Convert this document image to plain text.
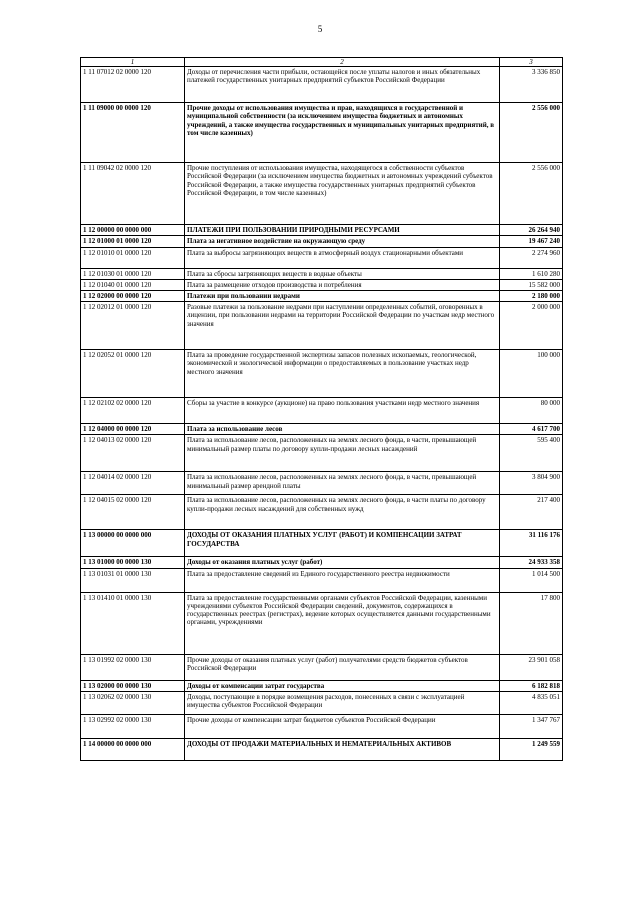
5
1	2	3
1 11 07012 02 0000 120	Доходы от перечисления части прибыли, остающейся после уплаты налогов и иных обязательных платежей государственных унитарных предприятий субъектов Российской Федерации	3 336 850
1 11 09000 00 0000 120	Прочие доходы от использования имущества и прав, находящихся в государственной и муниципальной собственности (за исключением имущества бюджетных и автономных учреждений, а также имущества государственных и муниципальных унитарных предприятий, в том числе казенных)	2 556 000
1 11 09042 02 0000 120	Прочие поступления от использования имущества, находящегося в собственности субъектов Российской Федерации (за исключением имущества бюджетных и автономных учреждений субъектов Российской Федерации, а также имущества государственных унитарных предприятий субъектов Российской Федерации, в том числе казенных)	2 556 000
1 12 00000 00 0000 000	ПЛАТЕЖИ ПРИ ПОЛЬЗОВАНИИ ПРИРОДНЫМИ РЕСУРСАМИ	26 264 940
1 12 01000 01 0000 120	Плата за негативное воздействие на окружающую среду	19 467 240
1 12 01010 01 0000 120	Плата за выбросы загрязняющих веществ в атмосферный воздух стационарными объектами	2 274 960
1 12 01030 01 0000 120	Плата за сбросы загрязняющих веществ в водные объекты	1 610 280
1 12 01040 01 0000 120	Плата за размещение отходов производства и потребления	15 582 000
1 12 02000 00 0000 120	Платежи при пользовании недрами	2 180 000
1 12 02012 01 0000 120	Разовые платежи за пользование недрами при наступлении определенных событий, оговоренных в лицензии, при пользовании недрами на территории Российской Федерации по участкам недр местного значения	2 000 000
1 12 02052 01 0000 120	Плата за проведение государственной экспертизы запасов полезных ископаемых, геологической, экономической и экологической информации о предоставляемых в пользование участках недр местного значения	100 000
1 12 02102 02 0000 120	Сборы за участие в конкурсе (аукционе) на право пользования участками недр местного значения	80 000
1 12 04000 00 0000 120	Плата за использование лесов	4 617 700
1 12 04013 02 0000 120	Плата за использование лесов, расположенных на землях лесного фонда, в части, превышающей минимальный размер платы по договору купли-продажи лесных насаждений	595 400
1 12 04014 02 0000 120	Плата за использование лесов, расположенных на землях лесного фонда, в части, превышающей минимальный размер арендной платы	3 804 900
1 12 04015 02 0000 120	Плата за использование лесов, расположенных на землях лесного фонда, в части платы по договору купли-продажи лесных насаждений для собственных нужд	217 400
1 13 00000 00 0000 000	ДОХОДЫ ОТ ОКАЗАНИЯ ПЛАТНЫХ УСЛУГ (РАБОТ) И КОМПЕНСАЦИИ ЗАТРАТ ГОСУДАРСТВА	31 116 176
1 13 01000 00 0000 130	Доходы от оказания платных услуг (работ)	24 933 358
1 13 01031 01 0000 130	Плата за предоставление сведений из Единого государственного реестра недвижимости	1 014 500
1 13 01410 01 0000 130	Плата за предоставление государственными органами субъектов Российской Федерации, казенными учреждениями субъектов Российской Федерации сведений, документов, содержащихся в государственных реестрах (регистрах), ведение которых осуществляется данными государственными органами, учреждениями	17 800
1 13 01992 02 0000 130	Прочие доходы от оказания платных услуг (работ) получателями средств бюджетов субъектов Российской Федерации	23 901 058
1 13 02000 00 0000 130	Доходы от компенсации затрат государства	6 182 818
1 13 02062 02 0000 130	Доходы, поступающие в порядке возмещения расходов, понесенных в связи с эксплуатацией имущества субъектов Российской Федерации	4 835 051
1 13 02992 02 0000 130	Прочие доходы от компенсации затрат бюджетов субъектов Российской Федерации	1 347 767
1 14 00000 00 0000 000	ДОХОДЫ ОТ ПРОДАЖИ МАТЕРИАЛЬНЫХ И НЕМАТЕРИАЛЬНЫХ АКТИВОВ	1 249 559
